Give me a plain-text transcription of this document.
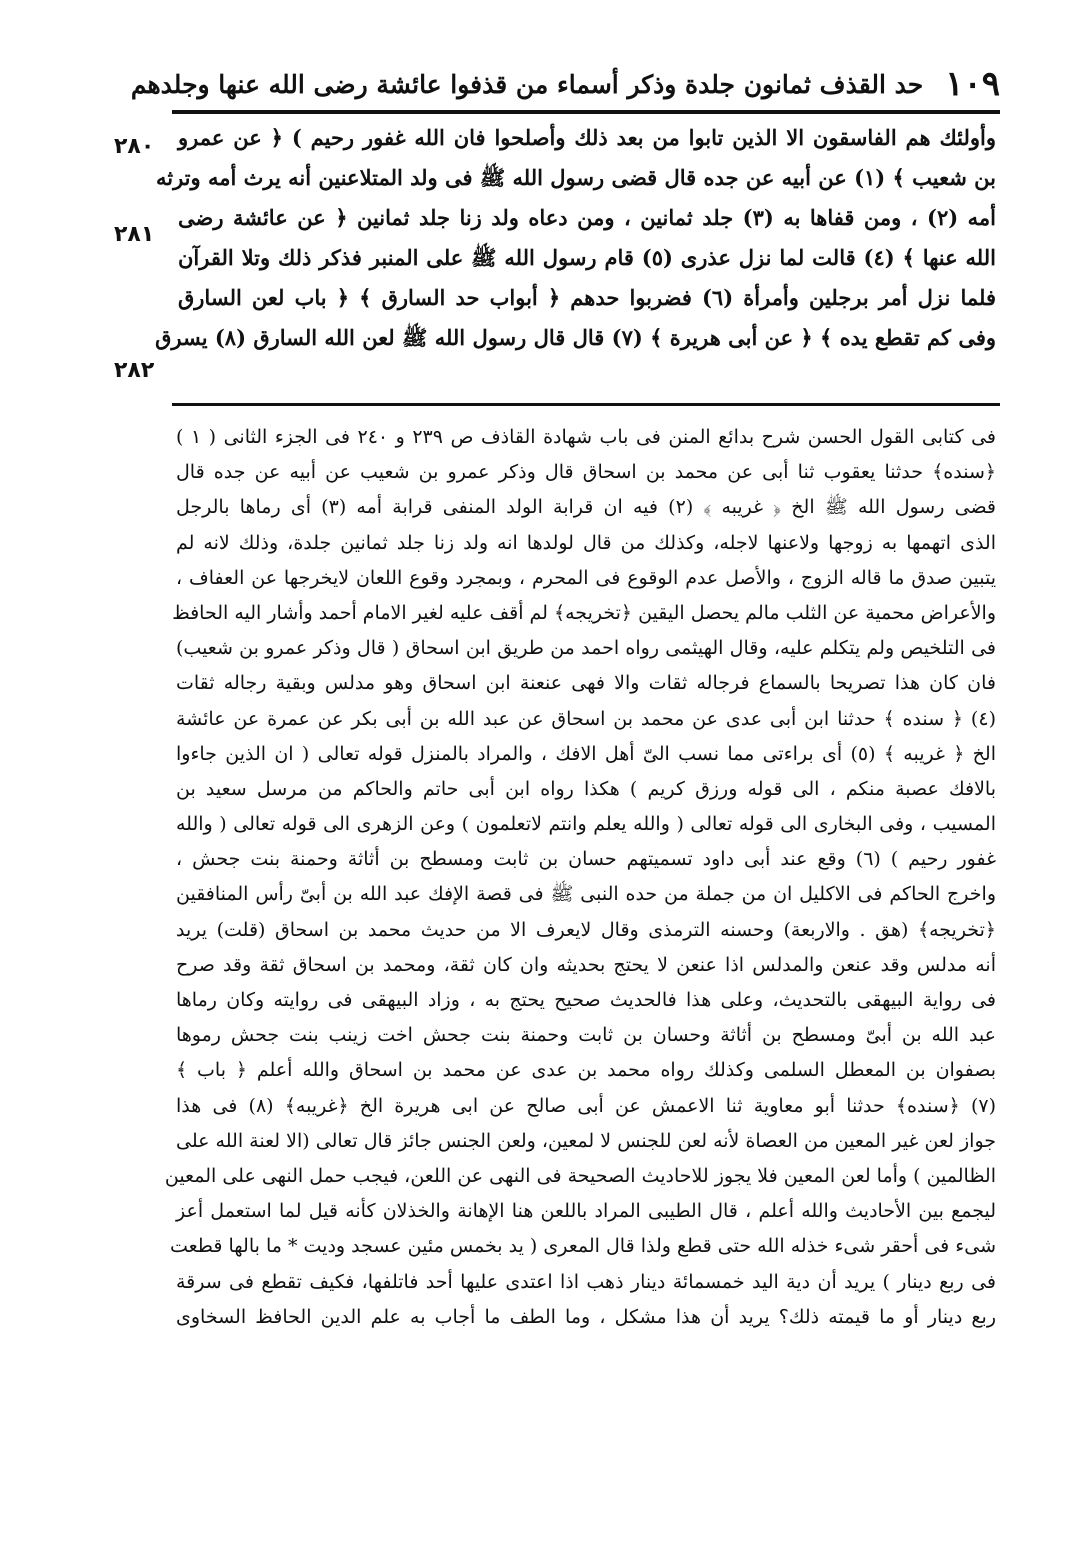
١٠٩
حد القذف ثمانون جلدة وذكر أسماء من قذفوا عائشة رضى الله عنها وجلدهم
٢٨٠
٢٨١
٢٨٢
وأولئك هم الفاسقون الا الذين تابوا من بعد ذلك وأصلحوا فان الله غفور رحيم ) ﴿ عن عمرو
بن شعيب ﴾ (١) عن أبيه عن جده قال قضى رسول الله ﷺ فى ولد المتلاعنين أنه يرث أمه وترثه
أمه (٢) ، ومن قفاها به (٣) جلد ثمانين ، ومن دعاه ولد زنا جلد ثمانين ﴿ عن عائشة رضى
الله عنها ﴾ (٤) قالت لما نزل عذرى (٥) قام رسول الله ﷺ على المنبر فذكر ذلك وتلا القرآن
فلما نزل أمر برجلين وأمرأة (٦) فضربوا حدهم ﴿ أبواب حد السارق ﴾ ﴿ باب لعن السارق
وفى كم تقطع يده ﴾ ﴿ عن أبى هريرة ﴾ (٧) قال قال رسول الله ﷺ لعن الله السارق (٨) يسرق
فى كتابى القول الحسن شرح بدائع المنن فى باب شهادة القاذف ص ٢٣٩ و ٢٤٠ فى الجزء الثانى ( ١ )
﴿سنده﴾ حدثنا يعقوب ثنا أبى عن محمد بن اسحاق قال وذكر عمرو بن شعيب عن أبيه عن جده قال
قضى رسول الله ﷺ الخ ﴿ غريبه ﴾ (٢) فيه ان قرابة الولد المنفى قرابة أمه (٣) أى رماها بالرجل
الذى اتهمها به زوجها ولاعنها لاجله، وكذلك من قال لولدها انه ولد زنا جلد ثمانين جلدة، وذلك لانه لم
يتبين صدق ما قاله الزوج ، والأصل عدم الوقوع فى المحرم ، وبمجرد وقوع اللعان لايخرجها عن العفاف ،
والأعراض محمية عن الثلب مالم يحصل اليقين ﴿تخريجه﴾ لم أقف عليه لغير الامام أحمد وأشار اليه الحافظ
فى التلخيص ولم يتكلم عليه، وقال الهيثمى رواه احمد من طريق ابن اسحاق ( قال وذكر عمرو بن شعيب)
فان كان هذا تصريحا بالسماع فرجاله ثقات والا فهى عنعنة ابن اسحاق وهو مدلس وبقية رجاله ثقات
(٤) ﴿ سنده ﴾ حدثنا ابن أبى عدى عن محمد بن اسحاق عن عبد الله بن أبى بكر عن عمرة عن عائشة
الخ ﴿ غريبه ﴾ (٥) أى براءتى مما نسب الىّ أهل الافك ، والمراد بالمنزل قوله تعالى ( ان الذين جاءوا
بالافك عصبة منكم ، الى قوله ورزق كريم ) هكذا رواه ابن أبى حاتم والحاكم من مرسل سعيد بن
المسيب ، وفى البخارى الى قوله تعالى ( والله يعلم وانتم لاتعلمون ) وعن الزهرى الى قوله تعالى ( والله
غفور رحيم ) (٦) وقع عند أبى داود تسميتهم حسان بن ثابت ومسطح بن أثاثة وحمنة بنت جحش ،
واخرج الحاكم فى الاكليل ان من جملة من حده النبى ﷺ فى قصة الإفك عبد الله بن أبىّ رأس المنافقين
﴿تخريجه﴾ (هق . والاربعة) وحسنه الترمذى وقال لايعرف الا من حديث محمد بن اسحاق (قلت) يريد
أنه مدلس وقد عنعن والمدلس اذا عنعن لا يحتج بحديثه وان كان ثقة، ومحمد بن اسحاق ثقة وقد صرح
فى رواية البيهقى بالتحديث، وعلى هذا فالحديث صحيح يحتج به ، وزاد البيهقى فى روايته وكان رماها
عبد الله بن أبىّ ومسطح بن أثاثة وحسان بن ثابت وحمنة بنت جحش اخت زينب بنت جحش رموها
بصفوان بن المعطل السلمى وكذلك رواه محمد بن عدى عن محمد بن اسحاق والله أعلم ﴿ باب ﴾
(٧) ﴿سنده﴾ حدثنا أبو معاوية ثنا الاعمش عن أبى صالح عن ابى هريرة الخ ﴿غريبه﴾ (٨) فى هذا
جواز لعن غير المعين من العصاة لأنه لعن للجنس لا لمعين، ولعن الجنس جائز قال تعالى (الا لعنة الله على
الظالمين ) وأما لعن المعين فلا يجوز للاحاديث الصحيحة فى النهى عن اللعن، فيجب حمل النهى على المعين
ليجمع بين الأحاديث والله أعلم ، قال الطيبى المراد باللعن هنا الإهانة والخذلان كأنه قيل لما استعمل أعز
شىء فى أحقر شىء خذله الله حتى قطع ولذا قال المعرى ( يد بخمس مئين عسجد وديت * ما بالها قطعت
فى ربع دينار ) يريد أن دية اليد خمسمائة دينار ذهب اذا اعتدى عليها أحد فاتلفها، فكيف تقطع فى سرقة
ربع دينار أو ما قيمته ذلك؟ يريد أن هذا مشكل ، وما الطف ما أجاب به علم الدين الحافظ السخاوى
